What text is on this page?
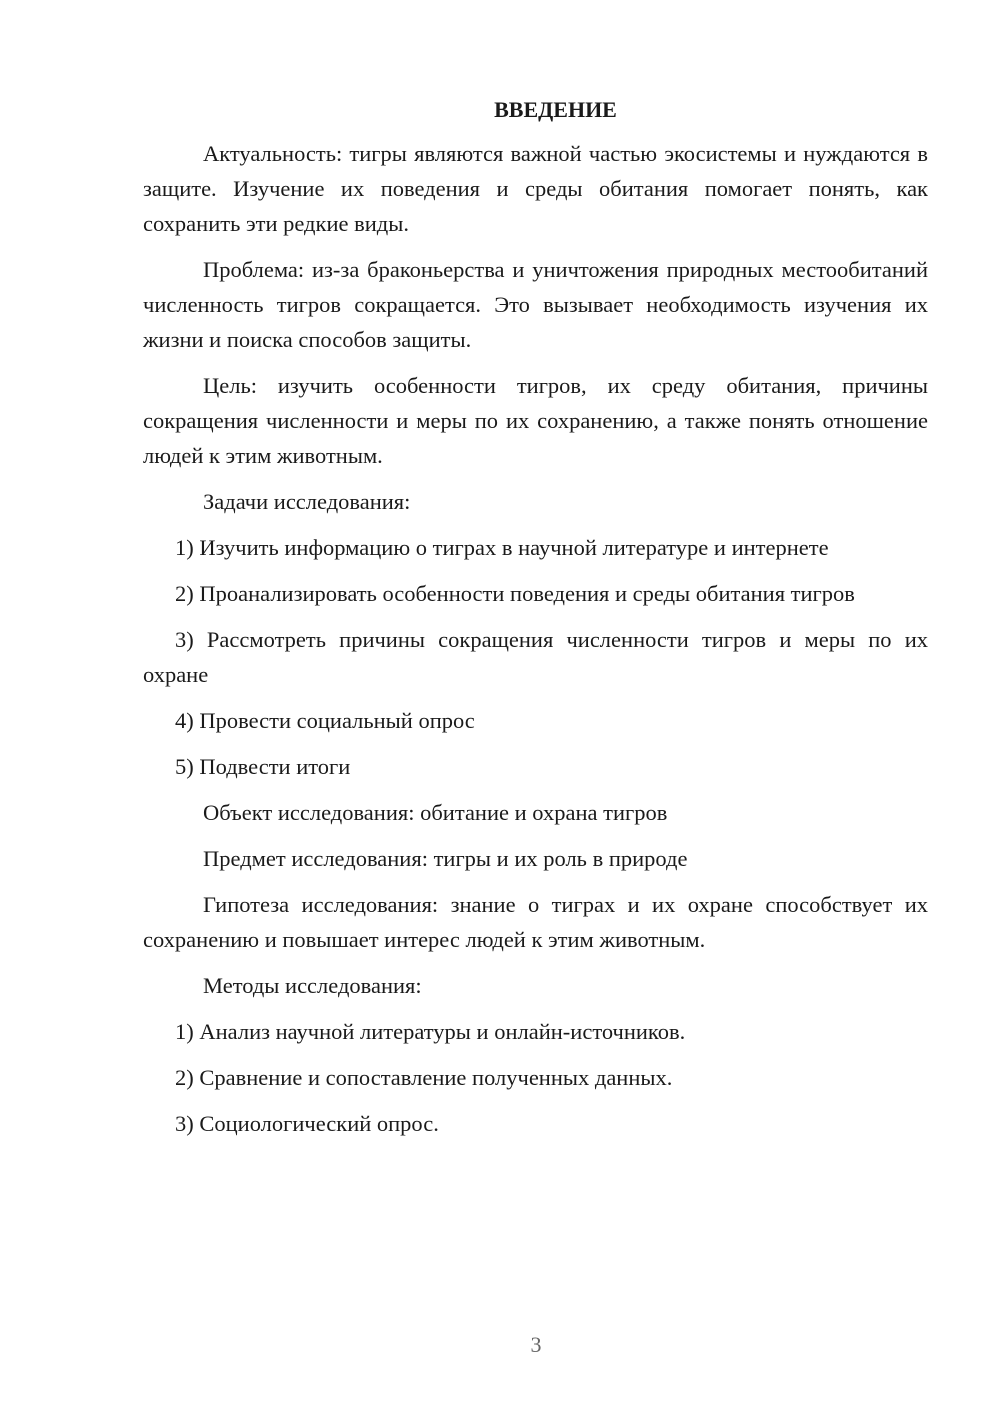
ВВЕДЕНИЕ
Актуальность: тигры являются важной частью экосистемы и нуждаются в защите. Изучение их поведения и среды обитания помогает понять, как сохранить эти редкие виды.
Проблема: из-за браконьерства и уничтожения природных местообитаний численность тигров сокращается. Это вызывает необходимость изучения их жизни и поиска способов защиты.
Цель: изучить особенности тигров, их среду обитания, причины сокращения численности и меры по их сохранению, а также понять отношение людей к этим животным.
Задачи исследования:
1) Изучить информацию о тиграх в научной литературе и интернете
2) Проанализировать особенности поведения и среды обитания тигров
3) Рассмотреть причины сокращения численности тигров и меры по их охране
4) Провести социальный опрос
5) Подвести итоги
Объект исследования: обитание и охрана тигров
Предмет исследования: тигры и их роль в природе
Гипотеза исследования: знание о тиграх и их охране способствует их сохранению и повышает интерес людей к этим животным.
Методы исследования:
1) Анализ научной литературы и онлайн-источников.
2) Сравнение и сопоставление полученных данных.
3) Социологический опрос.
3
